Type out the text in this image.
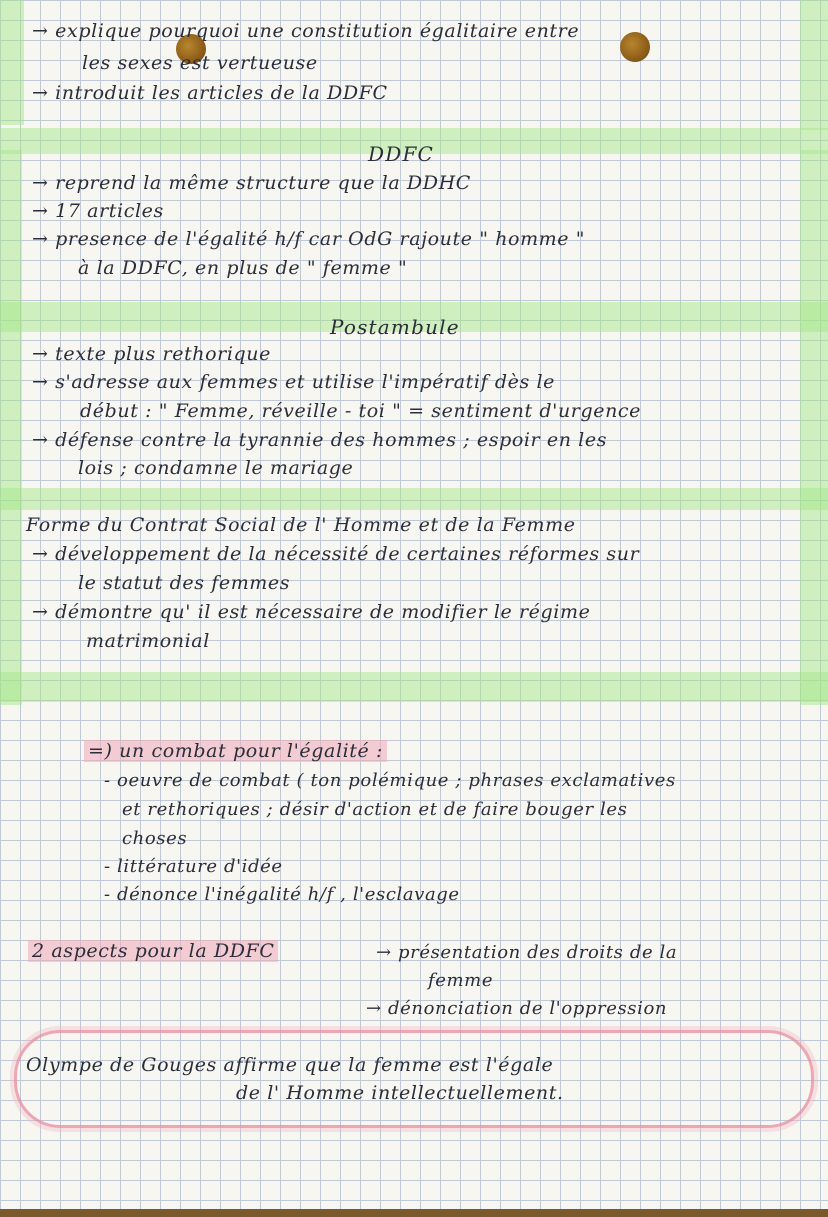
→ explique pourquoi une constitution égalitaire entre
les sexes est vertueuse
→ introduit les articles de la DDFC
DDFC
→ reprend la même structure que la DDHC
→ 17 articles
→ presence de l'égalité h/f car OdG rajoute " homme "
à la DDFC, en plus de " femme "
Postambule
→ texte plus rethorique
→ s'adresse aux femmes et utilise l'impératif dès le
début : " Femme, réveille - toi " = sentiment d'urgence
→ défense contre la tyrannie des hommes ; espoir en les
lois ; condamne le mariage
Forme du Contrat Social de l' Homme et de la Femme
→ développement de la nécessité de certaines réformes sur
le statut des femmes
→ démontre qu' il est nécessaire de modifier le régime
matrimonial
=) un combat pour l'égalité :
- oeuvre de combat ( ton polémique ; phrases exclamatives
et rethoriques ; désir d'action et de faire bouger les
choses
- littérature d'idée
- dénonce l'inégalité h/f , l'esclavage
2 aspects pour la DDFC	→ présentation des droits de la
femme
→ dénonciation de l'oppression
Olympe de Gouges affirme que la femme est l'égale
de l' Homme intellectuellement.
